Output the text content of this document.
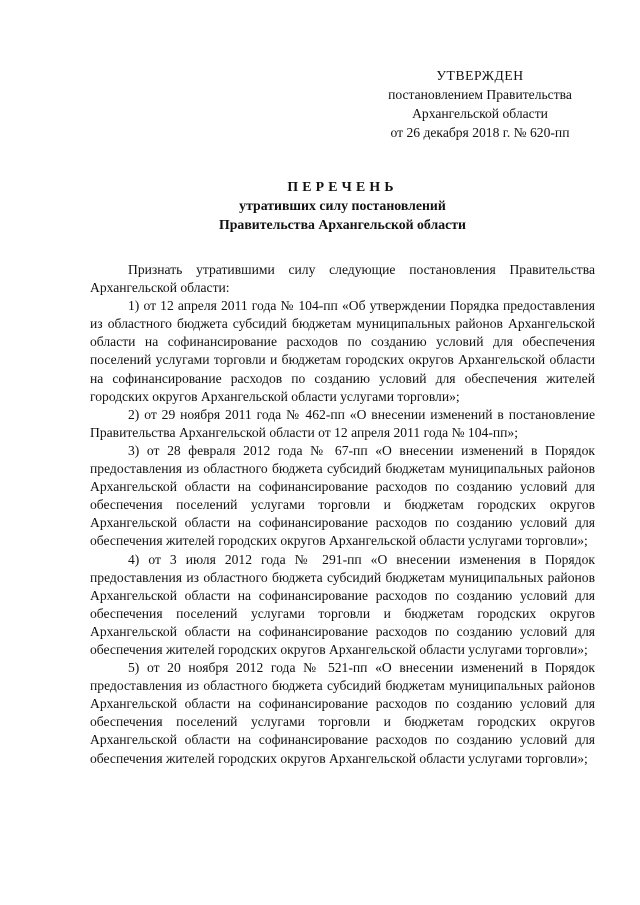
УТВЕРЖДЕН
постановлением Правительства
Архангельской области
от 26 декабря 2018 г. № 620-пп
ПЕРЕЧЕНЬ
утративших силу постановлений
Правительства Архангельской области

Признать утратившими силу следующие постановления Правительства Архангельской области:

1) от 12 апреля 2011 года № 104-пп «Об утверждении Порядка предоставления из областного бюджета субсидий бюджетам муниципальных районов Архангельской области на софинансирование расходов по созданию условий для обеспечения поселений услугами торговли и бюджетам городских округов Архангельской области на софинансирование расходов по созданию условий для обеспечения жителей городских округов Архангельской области услугами торговли»;

2) от 29 ноября 2011 года № 462-пп «О внесении изменений в постановление Правительства Архангельской области от 12 апреля 2011 года № 104-пп»;

3) от 28 февраля 2012 года № 67-пп «О внесении изменений в Порядок предоставления из областного бюджета субсидий бюджетам муниципальных районов Архангельской области на софинансирование расходов по созданию условий для обеспечения поселений услугами торговли и бюджетам городских округов Архангельской области на софинансирование расходов по созданию условий для обеспечения жителей городских округов Архангельской области услугами торговли»;

4) от 3 июля 2012 года № 291-пп «О внесении изменения в Порядок предоставления из областного бюджета субсидий бюджетам муниципальных районов Архангельской области на софинансирование расходов по созданию условий для обеспечения поселений услугами торговли и бюджетам городских округов Архангельской области на софинансирование расходов по созданию условий для обеспечения жителей городских округов Архангельской области услугами торговли»;

5) от 20 ноября 2012 года № 521-пп «О внесении изменений в Порядок предоставления из областного бюджета субсидий бюджетам муниципальных районов Архангельской области на софинансирование расходов по созданию условий для обеспечения поселений услугами торговли и бюджетам городских округов Архангельской области на софинансирование расходов по созданию условий для обеспечения жителей городских округов Архангельской области услугами торговли»;
